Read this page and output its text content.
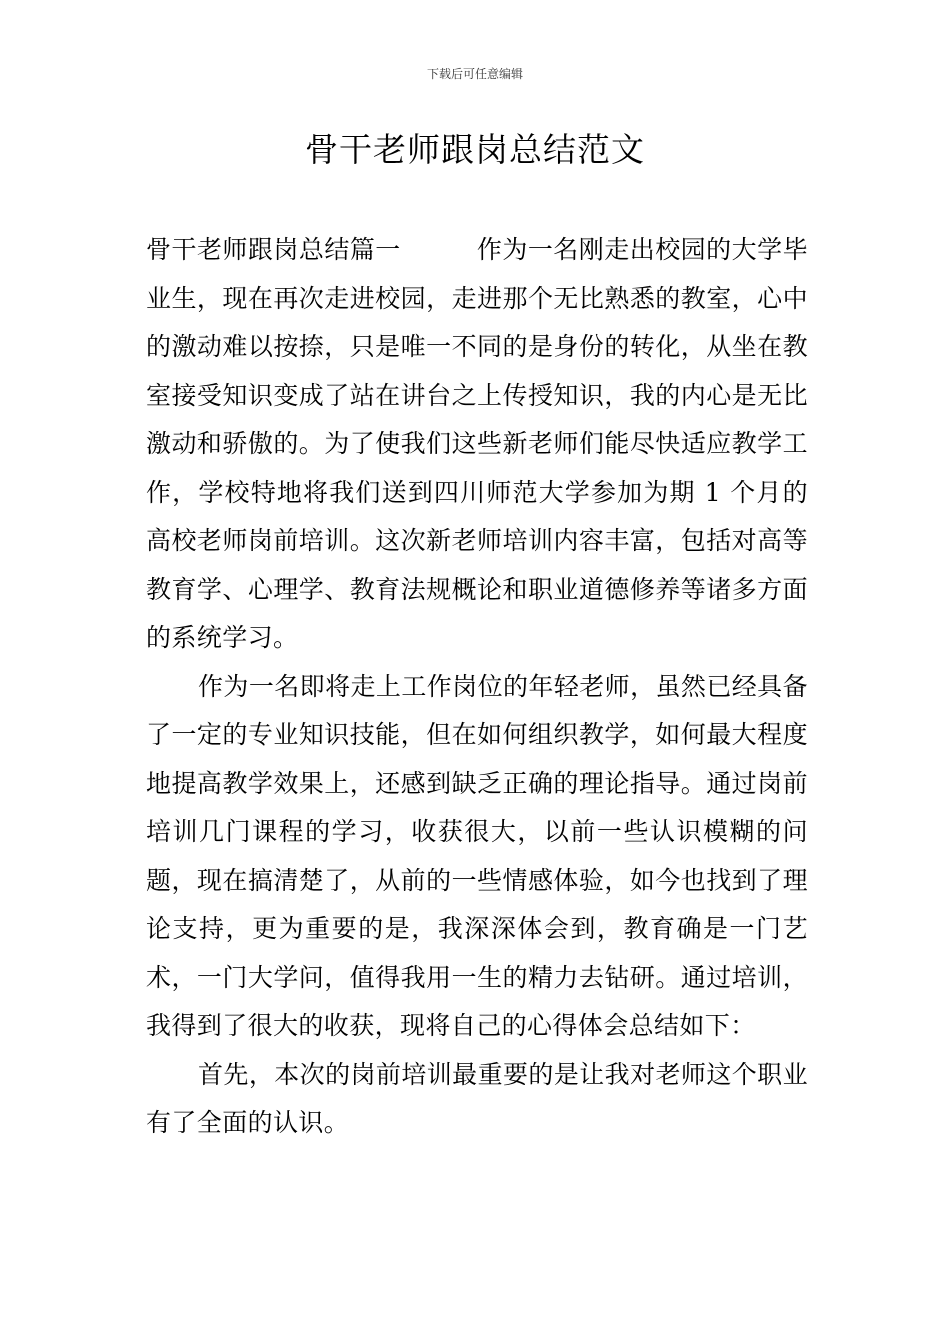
下载后可任意编辑
骨干老师跟岗总结范文

骨干老师跟岗总结篇一	作为一名刚走出校园的大学毕业生，现在再次走进校园，走进那个无比熟悉的教室，心中的激动难以按捺，只是唯一不同的是身份的转化，从坐在教室接受知识变成了站在讲台之上传授知识，我的内心是无比激动和骄傲的。为了使我们这些新老师们能尽快适应教学工作，学校特地将我们送到四川师范大学参加为期 1 个月的高校老师岗前培训。这次新老师培训内容丰富，包括对高等教育学、心理学、教育法规概论和职业道德修养等诸多方面的系统学习。

作为一名即将走上工作岗位的年轻老师，虽然已经具备了一定的专业知识技能，但在如何组织教学，如何最大程度地提高教学效果上，还感到缺乏正确的理论指导。通过岗前培训几门课程的学习，收获很大，以前一些认识模糊的问题，现在搞清楚了，从前的一些情感体验，如今也找到了理论支持，更为重要的是，我深深体会到，教育确是一门艺术，一门大学问，值得我用一生的精力去钻研。通过培训，我得到了很大的收获，现将自己的心得体会总结如下：

首先，本次的岗前培训最重要的是让我对老师这个职业有了全面的认识。
